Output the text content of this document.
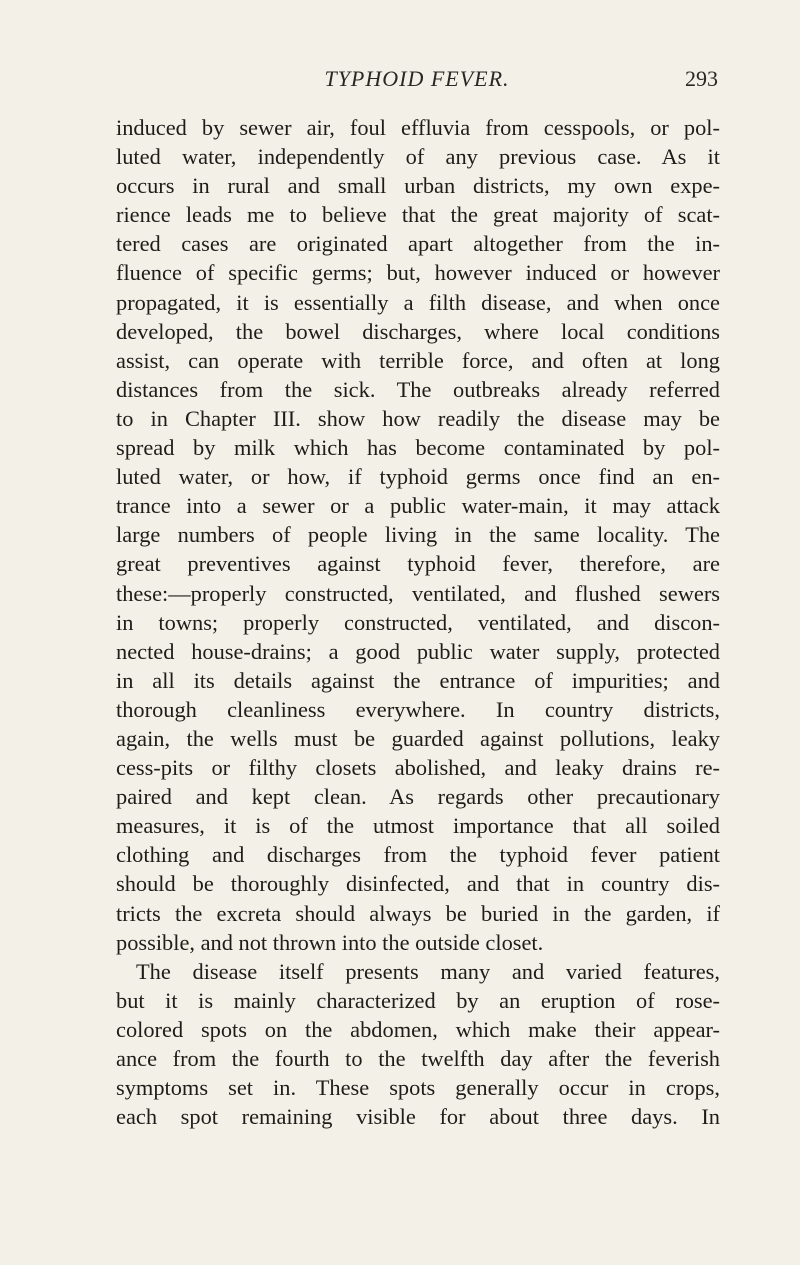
TYPHOID FEVER.	293
induced by sewer air, foul effluvia from cesspools, or pol-
luted water, independently of any previous case. As it
occurs in rural and small urban districts, my own expe-
rience leads me to believe that the great majority of scat-
tered cases are originated apart altogether from the in-
fluence of specific germs; but, however induced or however
propagated, it is essentially a filth disease, and when once
developed, the bowel discharges, where local conditions
assist, can operate with terrible force, and often at long
distances from the sick. The outbreaks already referred
to in Chapter III. show how readily the disease may be
spread by milk which has become contaminated by pol-
luted water, or how, if typhoid germs once find an en-
trance into a sewer or a public water-main, it may attack
large numbers of people living in the same locality. The
great preventives against typhoid fever, therefore, are
these:—properly constructed, ventilated, and flushed sewers
in towns; properly constructed, ventilated, and discon-
nected house-drains; a good public water supply, protected
in all its details against the entrance of impurities; and
thorough cleanliness everywhere. In country districts,
again, the wells must be guarded against pollutions, leaky
cess-pits or filthy closets abolished, and leaky drains re-
paired and kept clean. As regards other precautionary
measures, it is of the utmost importance that all soiled
clothing and discharges from the typhoid fever patient
should be thoroughly disinfected, and that in country dis-
tricts the excreta should always be buried in the garden, if
possible, and not thrown into the outside closet.
The disease itself presents many and varied features,
but it is mainly characterized by an eruption of rose-
colored spots on the abdomen, which make their appear-
ance from the fourth to the twelfth day after the feverish
symptoms set in. These spots generally occur in crops,
each spot remaining visible for about three days. In
